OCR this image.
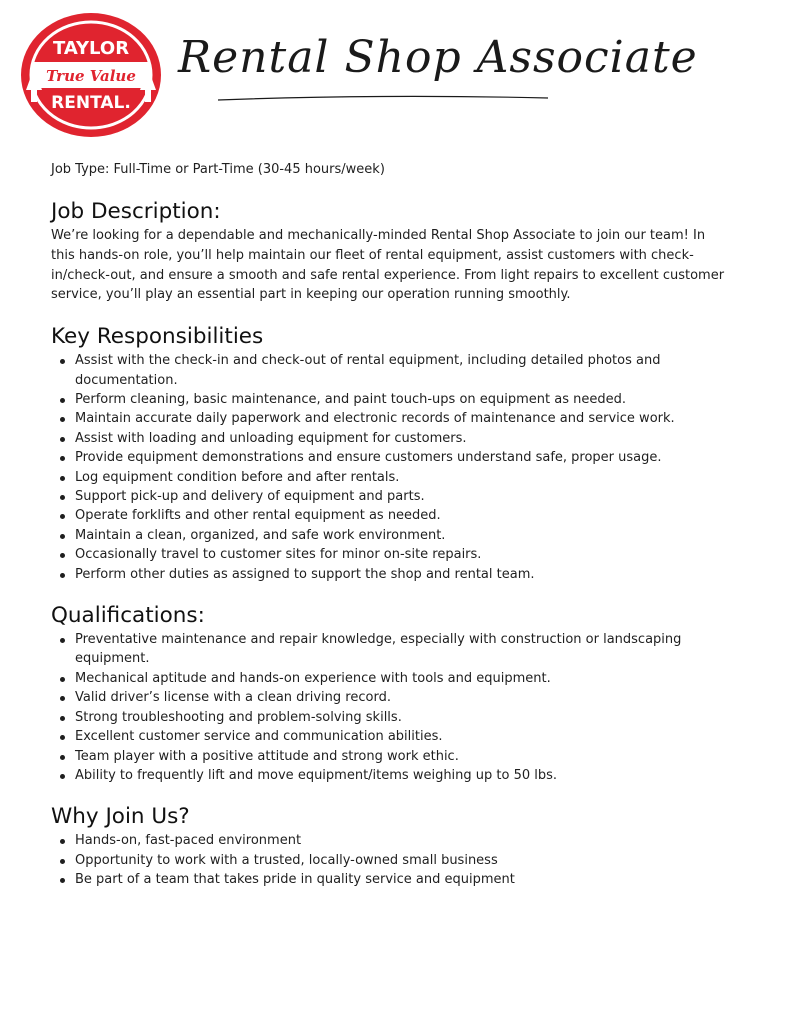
TAYLOR
True Value
RENTAL.
Rental Shop Associate

Job Type: Full-Time or Part-Time (30-45 hours/week)

Job Description:

We’re looking for a dependable and mechanically-minded Rental Shop Associate to join our team! In this hands-on role, you’ll help maintain our fleet of rental equipment, assist customers with check-in/check-out, and ensure a smooth and safe rental experience. From light repairs to excellent customer service, you’ll play an essential part in keeping our operation running smoothly.

Key Responsibilities
Assist with the check-in and check-out of rental equipment, including detailed photos and documentation.
Perform cleaning, basic maintenance, and paint touch-ups on equipment as needed.
Maintain accurate daily paperwork and electronic records of maintenance and service work.
Assist with loading and unloading equipment for customers.
Provide equipment demonstrations and ensure customers understand safe, proper usage.
Log equipment condition before and after rentals.
Support pick-up and delivery of equipment and parts.
Operate forklifts and other rental equipment as needed.
Maintain a clean, organized, and safe work environment.
Occasionally travel to customer sites for minor on-site repairs.
Perform other duties as assigned to support the shop and rental team.
Qualifications:
Preventative maintenance and repair knowledge, especially with construction or landscaping equipment.
Mechanical aptitude and hands-on experience with tools and equipment.
Valid driver’s license with a clean driving record.
Strong troubleshooting and problem-solving skills.
Excellent customer service and communication abilities.
Team player with a positive attitude and strong work ethic.
Ability to frequently lift and move equipment/items weighing up to 50 lbs.
Why Join Us?
Hands-on, fast-paced environment
Opportunity to work with a trusted, locally-owned small business
Be part of a team that takes pride in quality service and equipment
